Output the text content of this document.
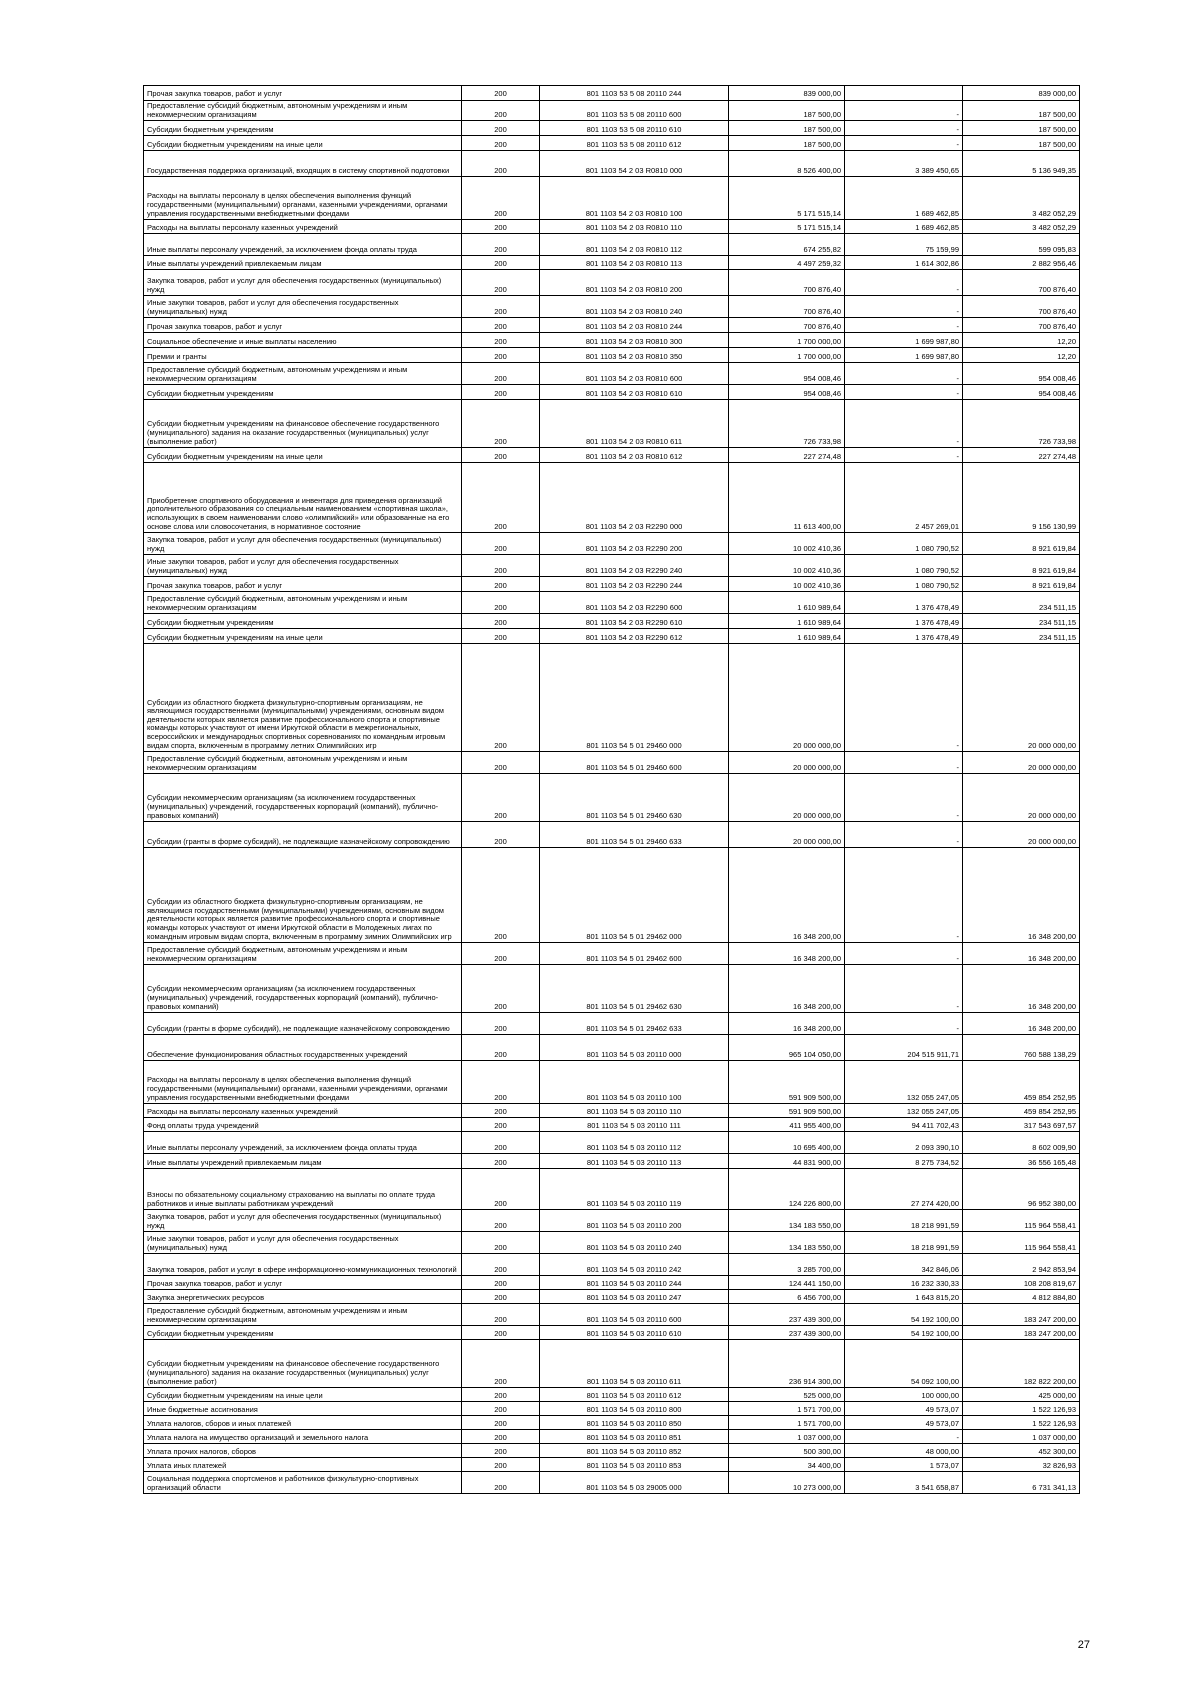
Прочая закупка товаров, работ и услуг	200	801 1103 53 5 08 20110 244	839 000,00		839 000,00
Предоставление субсидий бюджетным, автономным учреждениям и иным некоммерческим организациям	200	801 1103 53 5 08 20110 600	187 500,00	-	187 500,00
Субсидии бюджетным учреждениям	200	801 1103 53 5 08 20110 610	187 500,00	-	187 500,00
Субсидии бюджетным учреждениям на иные цели	200	801 1103 53 5 08 20110 612	187 500,00	-	187 500,00
Государственная поддержка организаций, входящих в систему спортивной подготовки	200	801 1103 54 2 03 R0810 000	8 526 400,00	3 389 450,65	5 136 949,35
Расходы на выплаты персоналу в целях обеспечения выполнения функций государственными (муниципальными) органами, казенными учреждениями, органами управления государственными внебюджетными фондами	200	801 1103 54 2 03 R0810 100	5 171 515,14	1 689 462,85	3 482 052,29
Расходы на выплаты персоналу казенных учреждений	200	801 1103 54 2 03 R0810 110	5 171 515,14	1 689 462,85	3 482 052,29
Иные выплаты персоналу учреждений, за исключением фонда оплаты труда	200	801 1103 54 2 03 R0810 112	674 255,82	75 159,99	599 095,83
Иные выплаты учреждений привлекаемым лицам	200	801 1103 54 2 03 R0810 113	4 497 259,32	1 614 302,86	2 882 956,46
Закупка товаров, работ и услуг для обеспечения государственных (муниципальных) нужд	200	801 1103 54 2 03 R0810 200	700 876,40	-	700 876,40
Иные закупки товаров, работ и услуг для обеспечения государственных (муниципальных) нужд	200	801 1103 54 2 03 R0810 240	700 876,40	-	700 876,40
Прочая закупка товаров, работ и услуг	200	801 1103 54 2 03 R0810 244	700 876,40	-	700 876,40
Социальное обеспечение и иные выплаты населению	200	801 1103 54 2 03 R0810 300	1 700 000,00	1 699 987,80	12,20
Премии и гранты	200	801 1103 54 2 03 R0810 350	1 700 000,00	1 699 987,80	12,20
Предоставление субсидий бюджетным, автономным учреждениям и иным некоммерческим организациям	200	801 1103 54 2 03 R0810 600	954 008,46	-	954 008,46
Субсидии бюджетным учреждениям	200	801 1103 54 2 03 R0810 610	954 008,46	-	954 008,46
Субсидии бюджетным учреждениям на финансовое обеспечение государственного (муниципального) задания на оказание государственных (муниципальных) услуг (выполнение работ)	200	801 1103 54 2 03 R0810 611	726 733,98	-	726 733,98
Субсидии бюджетным учреждениям на иные цели	200	801 1103 54 2 03 R0810 612	227 274,48	-	227 274,48
Приобретение спортивного оборудования и инвентаря для приведения организаций дополнительного образования со специальным наименованием «спортивная школа», использующих в своем наименовании слово «олимпийский» или образованные на его основе слова или словосочетания, в нормативное состояние	200	801 1103 54 2 03 R2290 000	11 613 400,00	2 457 269,01	9 156 130,99
Закупка товаров, работ и услуг для обеспечения государственных (муниципальных) нужд	200	801 1103 54 2 03 R2290 200	10 002 410,36	1 080 790,52	8 921 619,84
Иные закупки товаров, работ и услуг для обеспечения государственных (муниципальных) нужд	200	801 1103 54 2 03 R2290 240	10 002 410,36	1 080 790,52	8 921 619,84
Прочая закупка товаров, работ и услуг	200	801 1103 54 2 03 R2290 244	10 002 410,36	1 080 790,52	8 921 619,84
Предоставление субсидий бюджетным, автономным учреждениям и иным некоммерческим организациям	200	801 1103 54 2 03 R2290 600	1 610 989,64	1 376 478,49	234 511,15
Субсидии бюджетным учреждениям	200	801 1103 54 2 03 R2290 610	1 610 989,64	1 376 478,49	234 511,15
Субсидии бюджетным учреждениям на иные цели	200	801 1103 54 2 03 R2290 612	1 610 989,64	1 376 478,49	234 511,15
Субсидии из областного бюджета физкультурно-спортивным организациям, не являющимся государственными (муниципальными) учреждениями, основным видом деятельности которых является развитие профессионального спорта и спортивные команды которых участвуют от имени Иркутской области в межрегиональных, всероссийских и международных спортивных соревнованиях по командным игровым видам спорта, включенным в программу летних Олимпийских игр	200	801 1103 54 5 01 29460 000	20 000 000,00	-	20 000 000,00
Предоставление субсидий бюджетным, автономным учреждениям и иным некоммерческим организациям	200	801 1103 54 5 01 29460 600	20 000 000,00	-	20 000 000,00
Субсидии некоммерческим организациям (за исключением государственных (муниципальных) учреждений, государственных корпораций (компаний), публично-правовых компаний)	200	801 1103 54 5 01 29460 630	20 000 000,00	-	20 000 000,00
Субсидии (гранты в форме субсидий), не подлежащие казначейскому сопровождению	200	801 1103 54 5 01 29460 633	20 000 000,00	-	20 000 000,00
Субсидии из областного бюджета физкультурно-спортивным организациям, не являющимся государственными (муниципальными) учреждениями, основным видом деятельности которых является развитие профессионального спорта и спортивные команды которых участвуют от имени Иркутской области в Молодежных лигах по командным игровым видам спорта, включенным в программу зимних Олимпийских игр	200	801 1103 54 5 01 29462 000	16 348 200,00	-	16 348 200,00
Предоставление субсидий бюджетным, автономным учреждениям и иным некоммерческим организациям	200	801 1103 54 5 01 29462 600	16 348 200,00	-	16 348 200,00
Субсидии некоммерческим организациям (за исключением государственных (муниципальных) учреждений, государственных корпораций (компаний), публично-правовых компаний)	200	801 1103 54 5 01 29462 630	16 348 200,00	-	16 348 200,00
Субсидии (гранты в форме субсидий), не подлежащие казначейскому сопровождению	200	801 1103 54 5 01 29462 633	16 348 200,00	-	16 348 200,00
Обеспечение функционирования областных государственных учреждений	200	801 1103 54 5 03 20110 000	965 104 050,00	204 515 911,71	760 588 138,29
Расходы на выплаты персоналу в целях обеспечения выполнения функций государственными (муниципальными) органами, казенными учреждениями, органами управления государственными внебюджетными фондами	200	801 1103 54 5 03 20110 100	591 909 500,00	132 055 247,05	459 854 252,95
Расходы на выплаты персоналу казенных учреждений	200	801 1103 54 5 03 20110 110	591 909 500,00	132 055 247,05	459 854 252,95
Фонд оплаты труда учреждений	200	801 1103 54 5 03 20110 111	411 955 400,00	94 411 702,43	317 543 697,57
Иные выплаты персоналу учреждений, за исключением фонда оплаты труда	200	801 1103 54 5 03 20110 112	10 695 400,00	2 093 390,10	8 602 009,90
Иные выплаты учреждений привлекаемым лицам	200	801 1103 54 5 03 20110 113	44 831 900,00	8 275 734,52	36 556 165,48
Взносы по обязательному социальному страхованию на выплаты по оплате труда работников и иные выплаты работникам учреждений	200	801 1103 54 5 03 20110 119	124 226 800,00	27 274 420,00	96 952 380,00
Закупка товаров, работ и услуг для обеспечения государственных (муниципальных) нужд	200	801 1103 54 5 03 20110 200	134 183 550,00	18 218 991,59	115 964 558,41
Иные закупки товаров, работ и услуг для обеспечения государственных (муниципальных) нужд	200	801 1103 54 5 03 20110 240	134 183 550,00	18 218 991,59	115 964 558,41
Закупка товаров, работ и услуг в сфере информационно-коммуникационных технологий	200	801 1103 54 5 03 20110 242	3 285 700,00	342 846,06	2 942 853,94
Прочая закупка товаров, работ и услуг	200	801 1103 54 5 03 20110 244	124 441 150,00	16 232 330,33	108 208 819,67
Закупка энергетических ресурсов	200	801 1103 54 5 03 20110 247	6 456 700,00	1 643 815,20	4 812 884,80
Предоставление субсидий бюджетным, автономным учреждениям и иным некоммерческим организациям	200	801 1103 54 5 03 20110 600	237 439 300,00	54 192 100,00	183 247 200,00
Субсидии бюджетным учреждениям	200	801 1103 54 5 03 20110 610	237 439 300,00	54 192 100,00	183 247 200,00
Субсидии бюджетным учреждениям на финансовое обеспечение государственного (муниципального) задания на оказание государственных (муниципальных) услуг (выполнение работ)	200	801 1103 54 5 03 20110 611	236 914 300,00	54 092 100,00	182 822 200,00
Субсидии бюджетным учреждениям на иные цели	200	801 1103 54 5 03 20110 612	525 000,00	100 000,00	425 000,00
Иные бюджетные ассигнования	200	801 1103 54 5 03 20110 800	1 571 700,00	49 573,07	1 522 126,93
Уплата налогов, сборов и иных платежей	200	801 1103 54 5 03 20110 850	1 571 700,00	49 573,07	1 522 126,93
Уплата налога на имущество организаций и земельного налога	200	801 1103 54 5 03 20110 851	1 037 000,00	-	1 037 000,00
Уплата прочих налогов, сборов	200	801 1103 54 5 03 20110 852	500 300,00	48 000,00	452 300,00
Уплата иных платежей	200	801 1103 54 5 03 20110 853	34 400,00	1 573,07	32 826,93
Социальная поддержка спортсменов и работников физкультурно-спортивных организаций области	200	801 1103 54 5 03 29005 000	10 273 000,00	3 541 658,87	6 731 341,13
27
